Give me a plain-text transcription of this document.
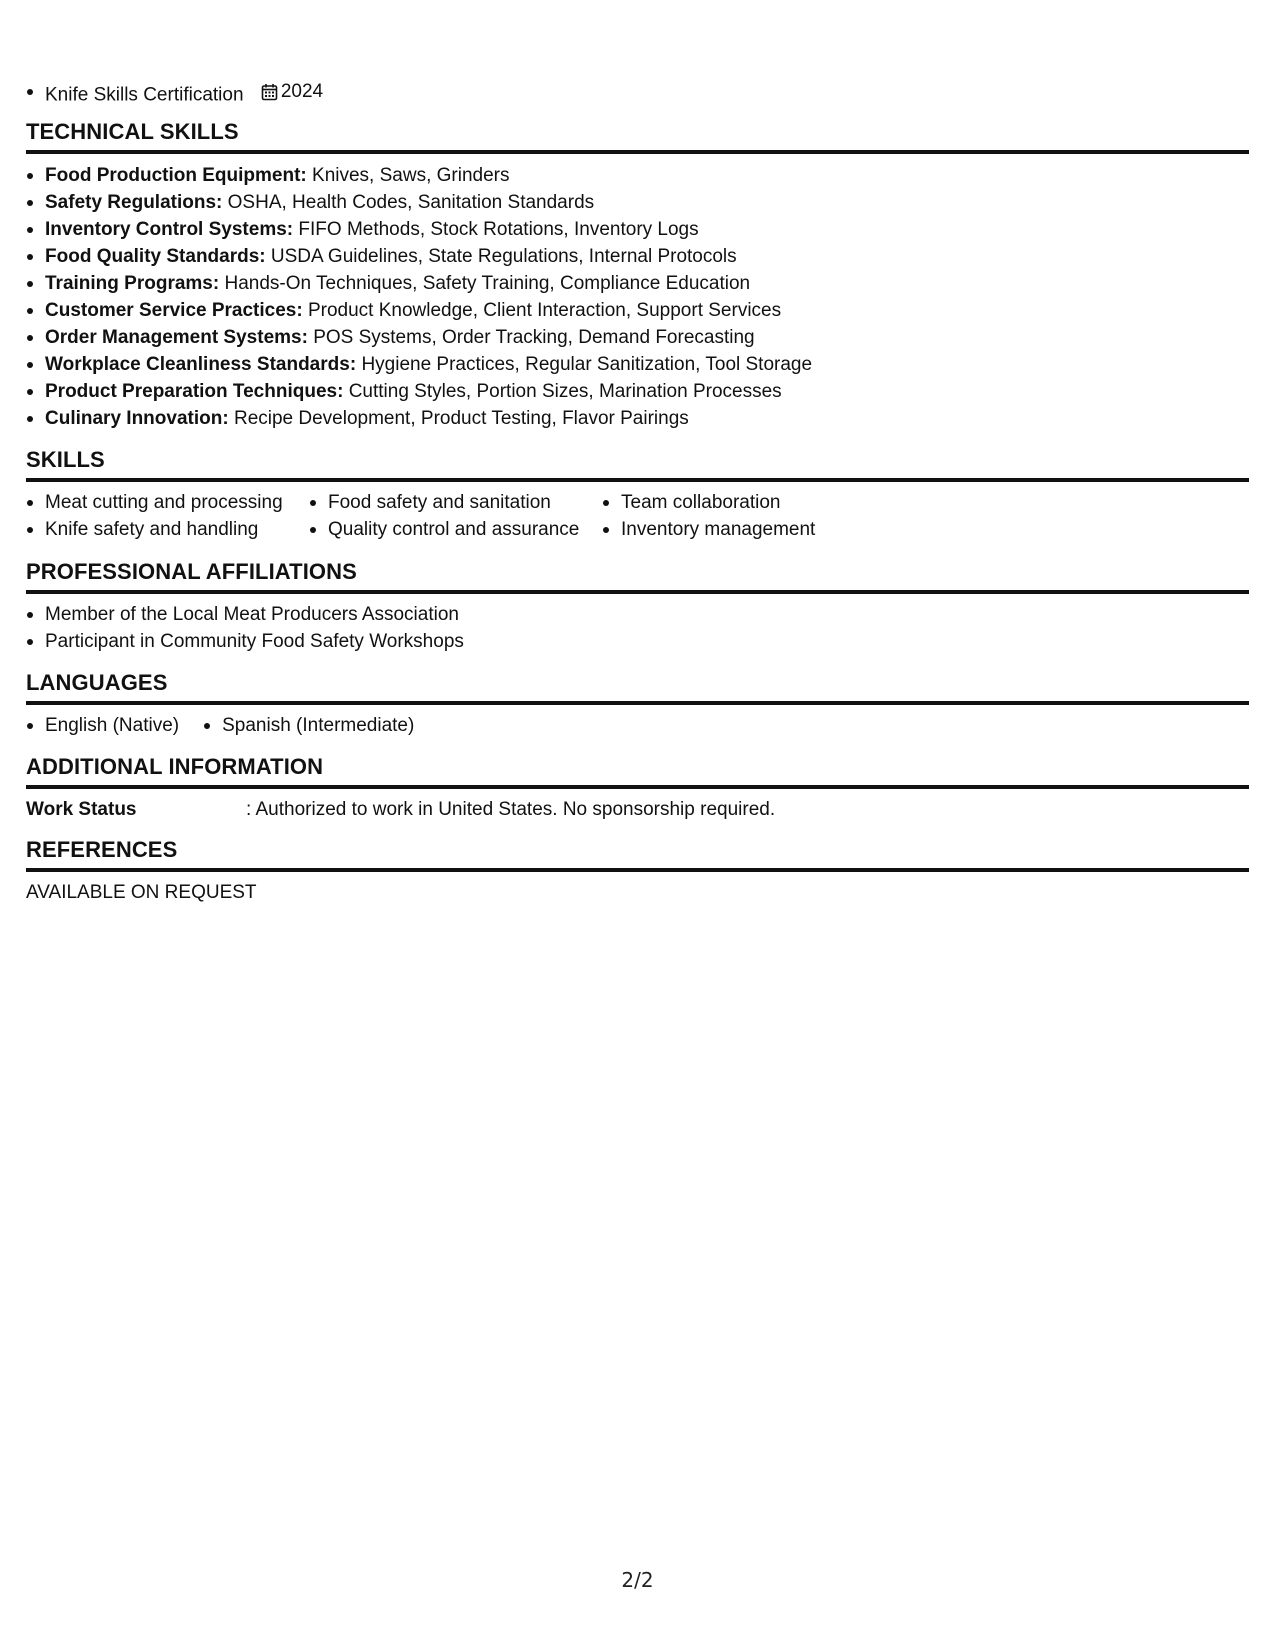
Knife Skills Certification 2024
TECHNICAL SKILLS
Food Production Equipment: Knives, Saws, Grinders
Safety Regulations: OSHA, Health Codes, Sanitation Standards
Inventory Control Systems: FIFO Methods, Stock Rotations, Inventory Logs
Food Quality Standards: USDA Guidelines, State Regulations, Internal Protocols
Training Programs: Hands-On Techniques, Safety Training, Compliance Education
Customer Service Practices: Product Knowledge, Client Interaction, Support Services
Order Management Systems: POS Systems, Order Tracking, Demand Forecasting
Workplace Cleanliness Standards: Hygiene Practices, Regular Sanitization, Tool Storage
Product Preparation Techniques: Cutting Styles, Portion Sizes, Marination Processes
Culinary Innovation: Recipe Development, Product Testing, Flavor Pairings
SKILLS
Meat cutting and processing	Food safety and sanitation	Team collaboration
Knife safety and handling	Quality control and assurance	Inventory management
PROFESSIONAL AFFILIATIONS
Member of the Local Meat Producers Association
Participant in Community Food Safety Workshops
LANGUAGES
English (Native)	Spanish (Intermediate)
ADDITIONAL INFORMATION
Work Status	: Authorized to work in United States. No sponsorship required.
REFERENCES
AVAILABLE ON REQUEST
2/2
